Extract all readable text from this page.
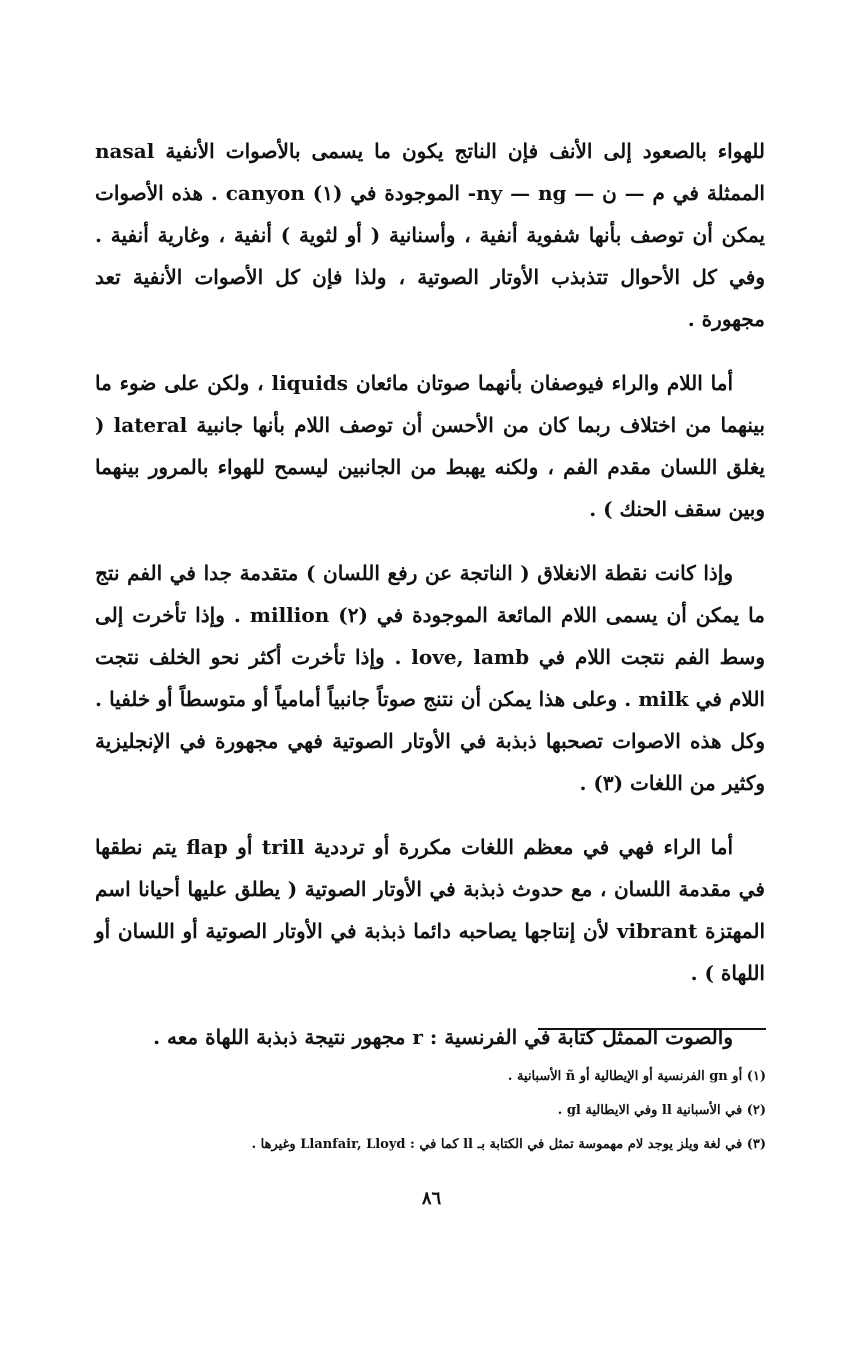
للهواء بالصعود إلى الأنف فإن الناتج يكون ما يسمى بالأصوات الأنفية nasal الممثلة في م — ن — ny — ng- الموجودة في (١) canyon . هذه الأصوات يمكن أن توصف بأنها شفوية أنفية ، وأسنانية ( أو لثوية ) أنفية ، وغارية أنفية . وفي كل الأحوال تتذبذب الأوتار الصوتية ، ولذا فإن كل الأصوات الأنفية تعد مجهورة .

أما اللام والراء فيوصفان بأنهما صوتان مائعان liquids ، ولكن على ضوء ما بينهما من اختلاف ربما كان من الأحسن أن توصف اللام بأنها جانبية lateral ( يغلق اللسان مقدم الفم ، ولكنه يهبط من الجانبين ليسمح للهواء بالمرور بينهما وبين سقف الحنك ) .

وإذا كانت نقطة الانغلاق ( الناتجة عن رفع اللسان ) متقدمة جدا في الفم نتج ما يمكن أن يسمى اللام المائعة الموجودة في (٢) million . وإذا تأخرت إلى وسط الفم نتجت اللام في love, lamb . وإذا تأخرت أكثر نحو الخلف نتجت اللام في milk . وعلى هذا يمكن أن نتنج صوتاً جانبياً أمامياً أو متوسطاً أو خلفيا . وكل هذه الاصوات تصحبها ذبذبة في الأوتار الصوتية فهي مجهورة في الإنجليزية وكثير من اللغات (٣) .

أما الراء فهي في معظم اللغات مكررة أو ترددية trill أو flap يتم نطقها في مقدمة اللسان ، مع حدوث ذبذبة في الأوتار الصوتية ( يطلق عليها أحيانا اسم المهتزة vibrant لأن إنتاجها يصاحبه دائما ذبذبة في الأوتار الصوتية أو اللسان أو اللهاة ) .

والصوت الممثل كتابة في الفرنسية : r مجهور نتيجة ذبذبة اللهاة معه .

(١) أو gn الفرنسية أو الإيطالية أو ñ الأسبانية .
(٢) في الأسبانية ll وفي الايطالية gl .
(٣) في لغة ويلز يوجد لام مهموسة تمثل في الكتابة بـ ll كما في : Llanfair, Lloyd وغيرها .
٨٦
